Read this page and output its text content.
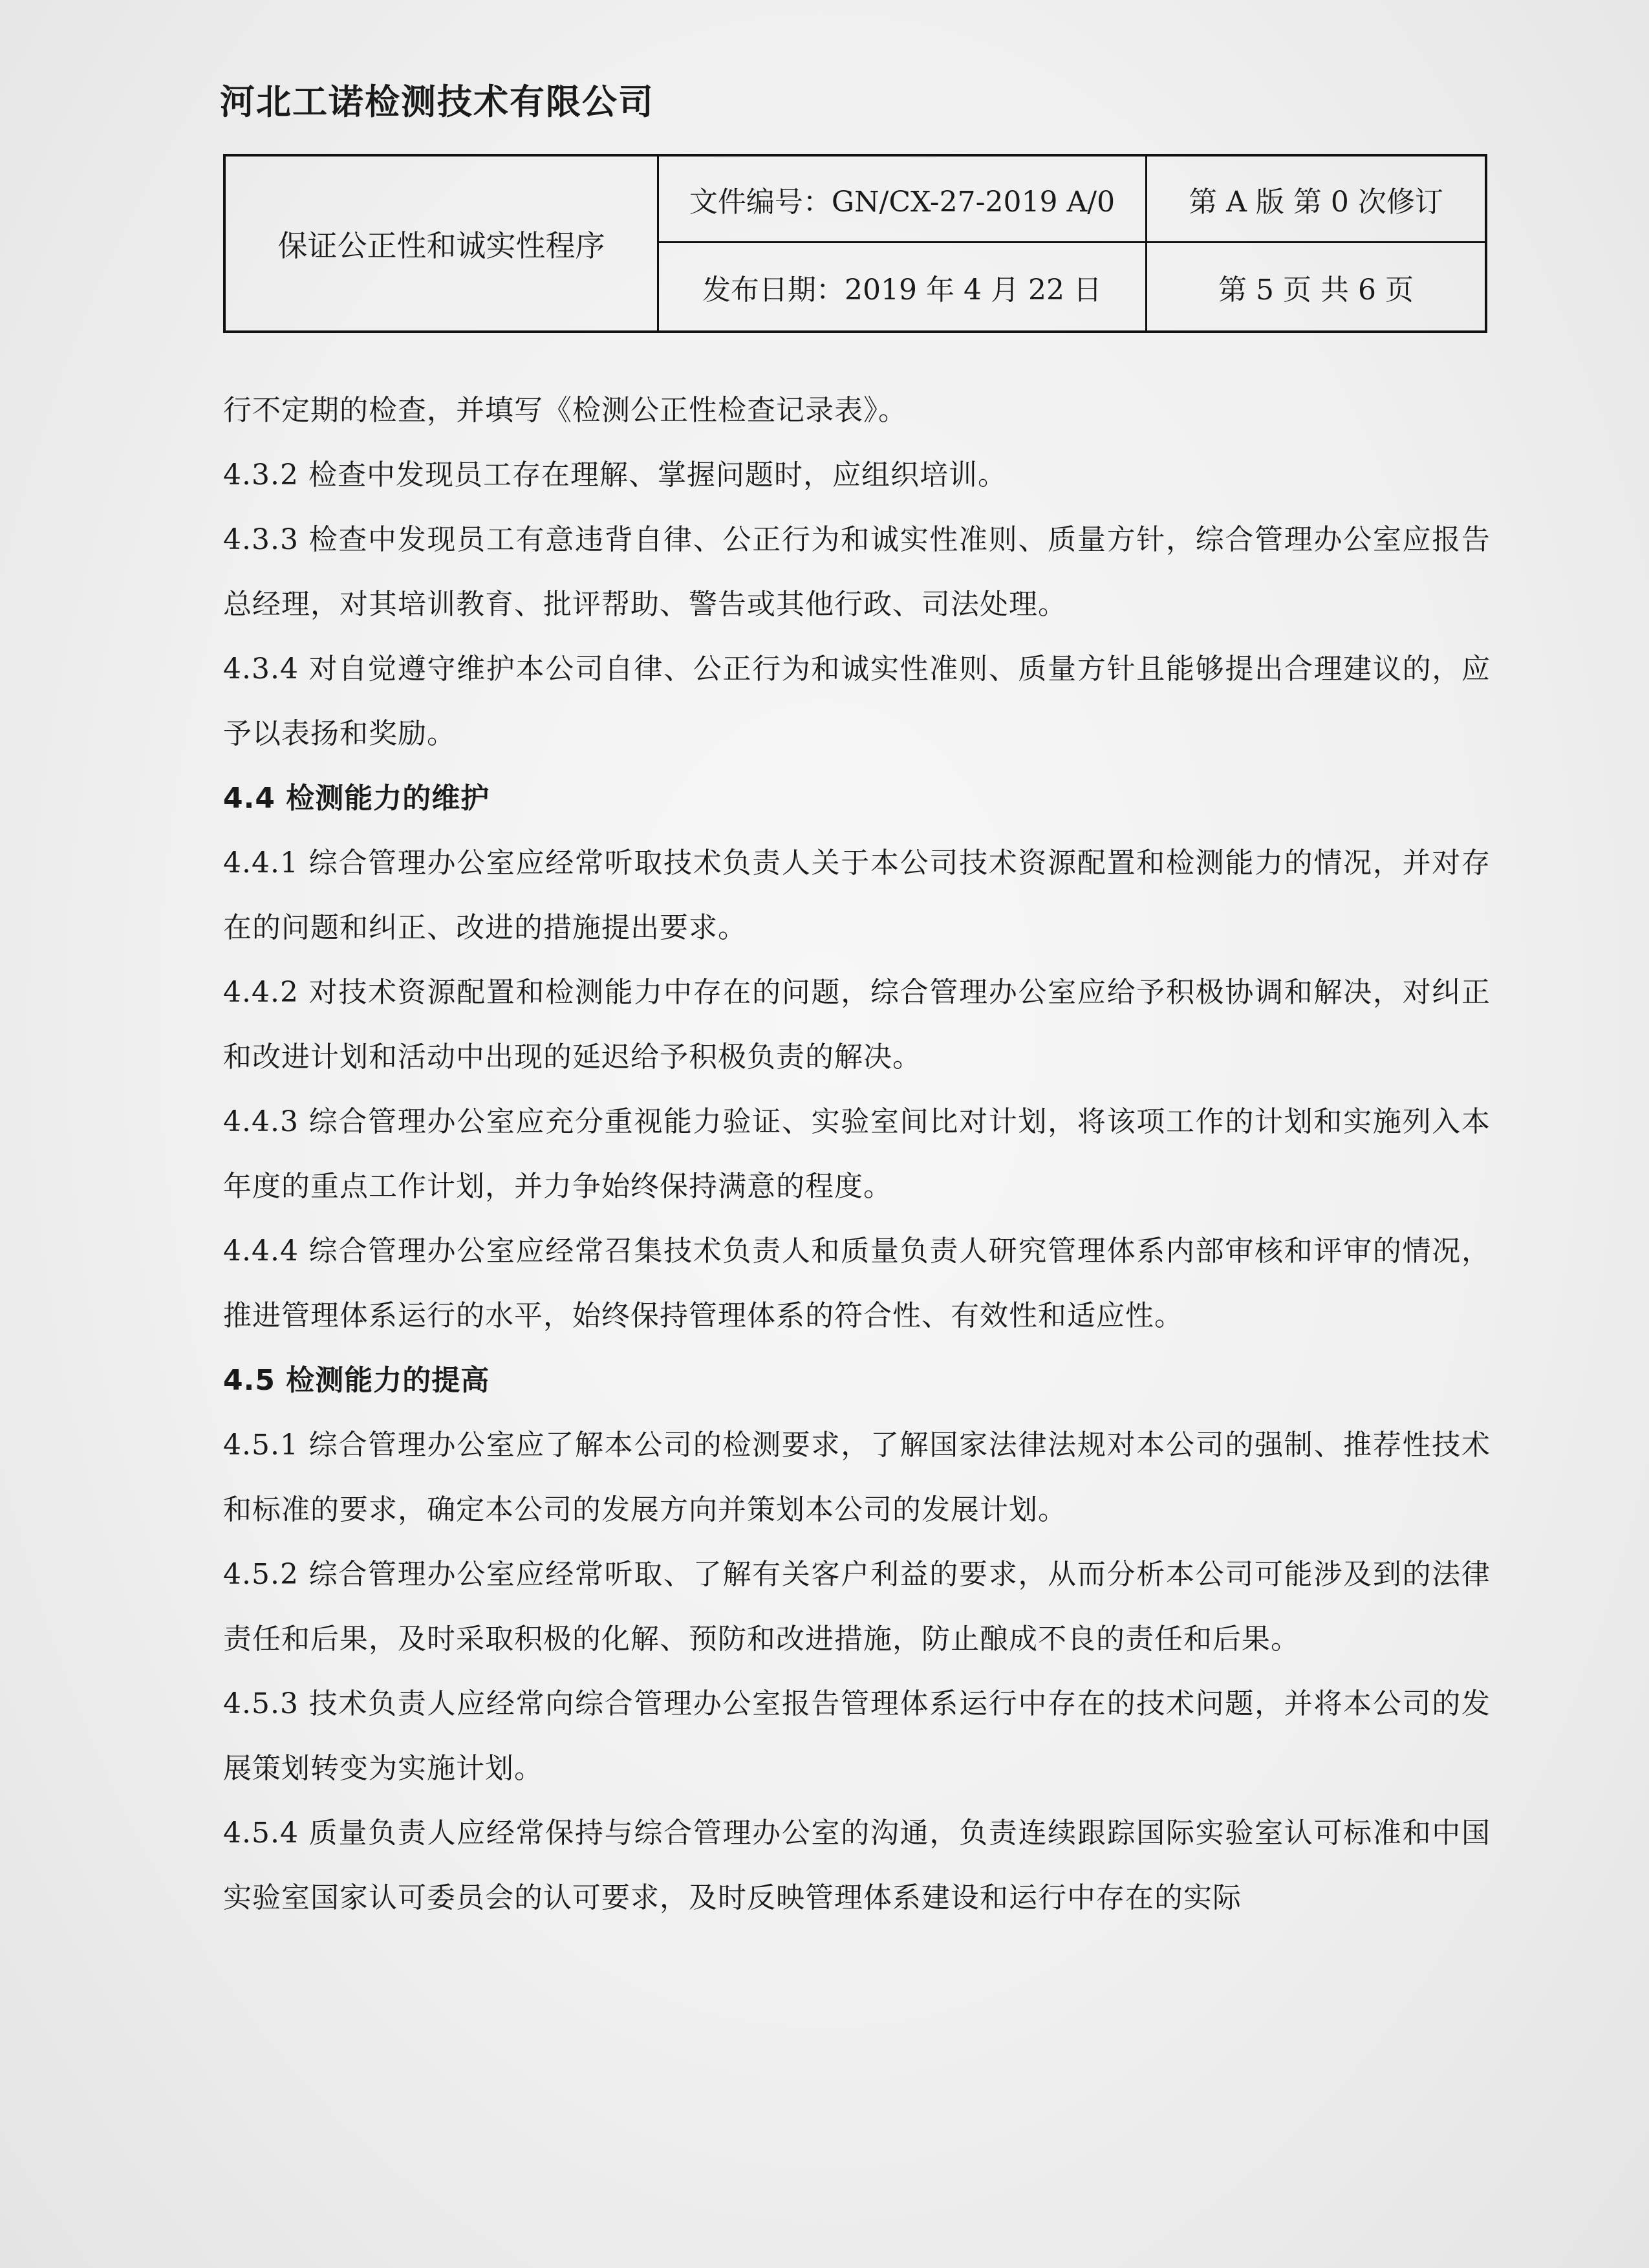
河北工诺检测技术有限公司
保证公正性和诚实性程序
文件编号：GN/CX-27-2019 A/0	第 A 版 第 0 次修订
发布日期：2019 年 4 月 22 日	第 5 页 共 6 页

行不定期的检查，并填写《检测公正性检查记录表》。

4.3.2 检查中发现员工存在理解、掌握问题时，应组织培训。

4.3.3 检查中发现员工有意违背自律、公正行为和诚实性准则、质量方针，综合管理办公室应报告总经理，对其培训教育、批评帮助、警告或其他行政、司法处理。

4.3.4 对自觉遵守维护本公司自律、公正行为和诚实性准则、质量方针且能够提出合理建议的，应予以表扬和奖励。

4.4 检测能力的维护

4.4.1 综合管理办公室应经常听取技术负责人关于本公司技术资源配置和检测能力的情况，并对存在的问题和纠正、改进的措施提出要求。

4.4.2 对技术资源配置和检测能力中存在的问题，综合管理办公室应给予积极协调和解决，对纠正和改进计划和活动中出现的延迟给予积极负责的解决。

4.4.3 综合管理办公室应充分重视能力验证、实验室间比对计划，将该项工作的计划和实施列入本年度的重点工作计划，并力争始终保持满意的程度。

4.4.4 综合管理办公室应经常召集技术负责人和质量负责人研究管理体系内部审核和评审的情况，推进管理体系运行的水平，始终保持管理体系的符合性、有效性和适应性。

4.5 检测能力的提高

4.5.1 综合管理办公室应了解本公司的检测要求，了解国家法律法规对本公司的强制、推荐性技术和标准的要求，确定本公司的发展方向并策划本公司的发展计划。

4.5.2 综合管理办公室应经常听取、了解有关客户利益的要求，从而分析本公司可能涉及到的法律责任和后果，及时采取积极的化解、预防和改进措施，防止酿成不良的责任和后果。

4.5.3 技术负责人应经常向综合管理办公室报告管理体系运行中存在的技术问题，并将本公司的发展策划转变为实施计划。

4.5.4 质量负责人应经常保持与综合管理办公室的沟通，负责连续跟踪国际实验室认可标准和中国实验室国家认可委员会的认可要求，及时反映管理体系建设和运行中存在的实际
